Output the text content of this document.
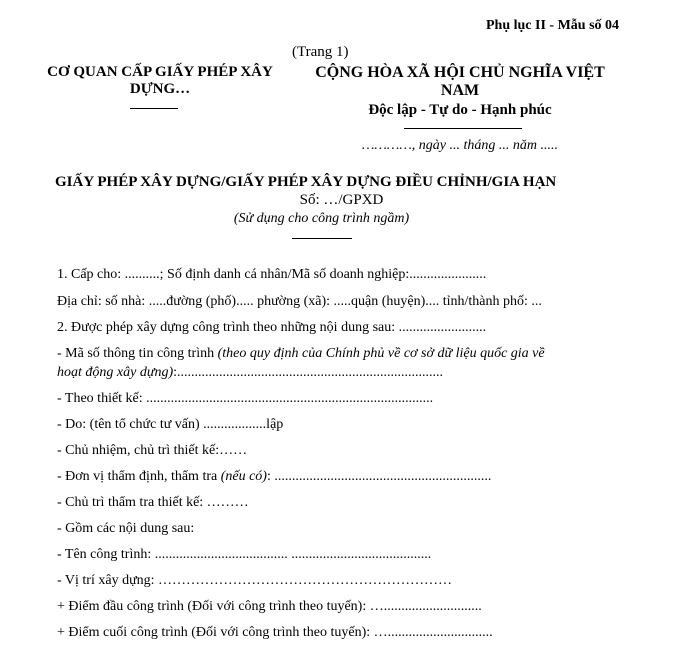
Phụ lục II - Mẫu số 04
(Trang 1)
CƠ QUAN CẤP GIẤY PHÉP XÂY
DỰNG…
CỘNG HÒA XÃ HỘI CHỦ NGHĨA VIỆT
NAM
Độc lập - Tự do - Hạnh phúc
…………, ngày ... tháng ... năm .....
GIẤY PHÉP XÂY DỰNG/GIẤY PHÉP XÂY DỰNG ĐIỀU CHỈNH/GIA HẠN
Số: …/GPXD
(Sử dụng cho công trình ngầm)
1. Cấp cho: ..........; Số định danh cá nhân/Mã số doanh nghiệp:......................
Địa chỉ: số nhà: .....đường (phố)..... phường (xã): .....quận (huyện).... tỉnh/thành phố: ...
2. Được phép xây dựng công trình theo những nội dung sau: .........................
- Mã số thông tin công trình (theo quy định của Chính phủ về cơ sở dữ liệu quốc gia về
hoạt động xây dựng):............................................................................
- Theo thiết kế: ..................................................................................
- Do: (tên tổ chức tư vấn) ..................lập
- Chủ nhiệm, chủ trì thiết kế:……
- Đơn vị thẩm định, thẩm tra (nếu có): ..............................................................
- Chủ trì thẩm tra thiết kế: ………
- Gồm các nội dung sau:
- Tên công trình: ...................................... ........................................
- Vị trí xây dựng: ………………………………………………………
+ Điểm đầu công trình (Đối với công trình theo tuyến): …............................
+ Điểm cuối công trình (Đối với công trình theo tuyến): …..............................
